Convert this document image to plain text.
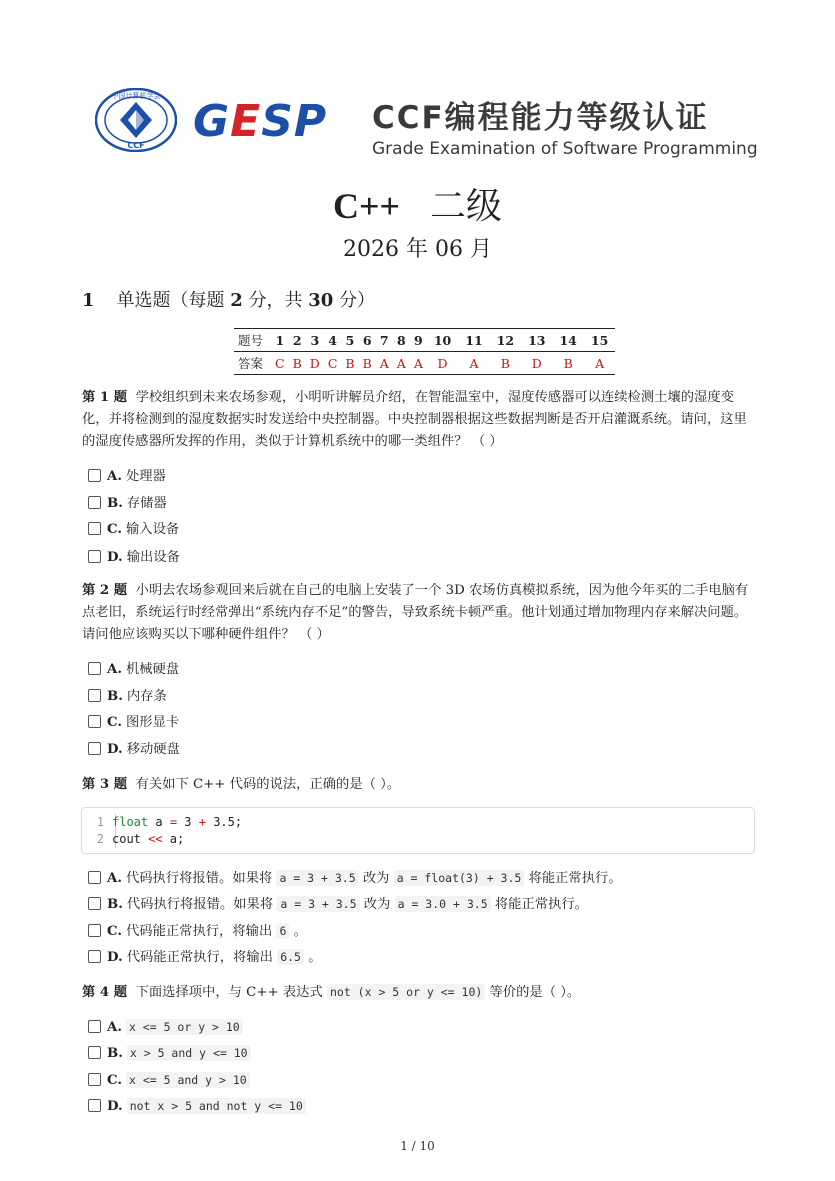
中国计算机学会
CCF GESP CCF编程能力等级认证
Grade Examination of Software Programming
C++ 二级
2026 年 06 月
1 单选题（每题 2 分，共 30 分）
题号	1	2	3	4	5	6	7	8	9	10	11	12	13	14	15
答案	C	B	D	C	B	B	A	A	A	D	A	B	D	B	A
第 1 题 学校组织到未来农场参观，小明听讲解员介绍，在智能温室中，湿度传感器可以连续检测土壤的湿度变化，并将检测到的湿度数据实时发送给中央控制器。中央控制器根据这些数据判断是否开启灌溉系统。请问，这里的湿度传感器所发挥的作用，类似于计算机系统中的哪一类组件？ （ ）
A. 处理器
B. 存储器
C. 输入设备
D. 输出设备
第 2 题 小明去农场参观回来后就在自己的电脑上安装了一个 3D 农场仿真模拟系统，因为他今年买的二手电脑有点老旧，系统运行时经常弹出“系统内存不足”的警告，导致系统卡顿严重。他计划通过增加物理内存来解决问题。请问他应该购买以下哪种硬件组件？ （ ）
A. 机械硬盘
B. 内存条
C. 图形显卡
D. 移动硬盘
第 3 题 有关如下 C++ 代码的说法，正确的是（ ）。
1 float a = 3 + 3.5;
2 cout << a;
A. 代码执行将报错。如果将 a = 3 + 3.5 改为 a = float(3) + 3.5 将能正常执行。
B. 代码执行将报错。如果将 a = 3 + 3.5 改为 a = 3.0 + 3.5 将能正常执行。
C. 代码能正常执行，将输出 6 。
D. 代码能正常执行，将输出 6.5 。
第 4 题 下面选择项中，与 C++ 表达式 not (x > 5 or y <= 10) 等价的是（ ）。
A. x <= 5 or y > 10
B. x > 5 and y <= 10
C. x <= 5 and y > 10
D. not x > 5 and not y <= 10
1 / 10
